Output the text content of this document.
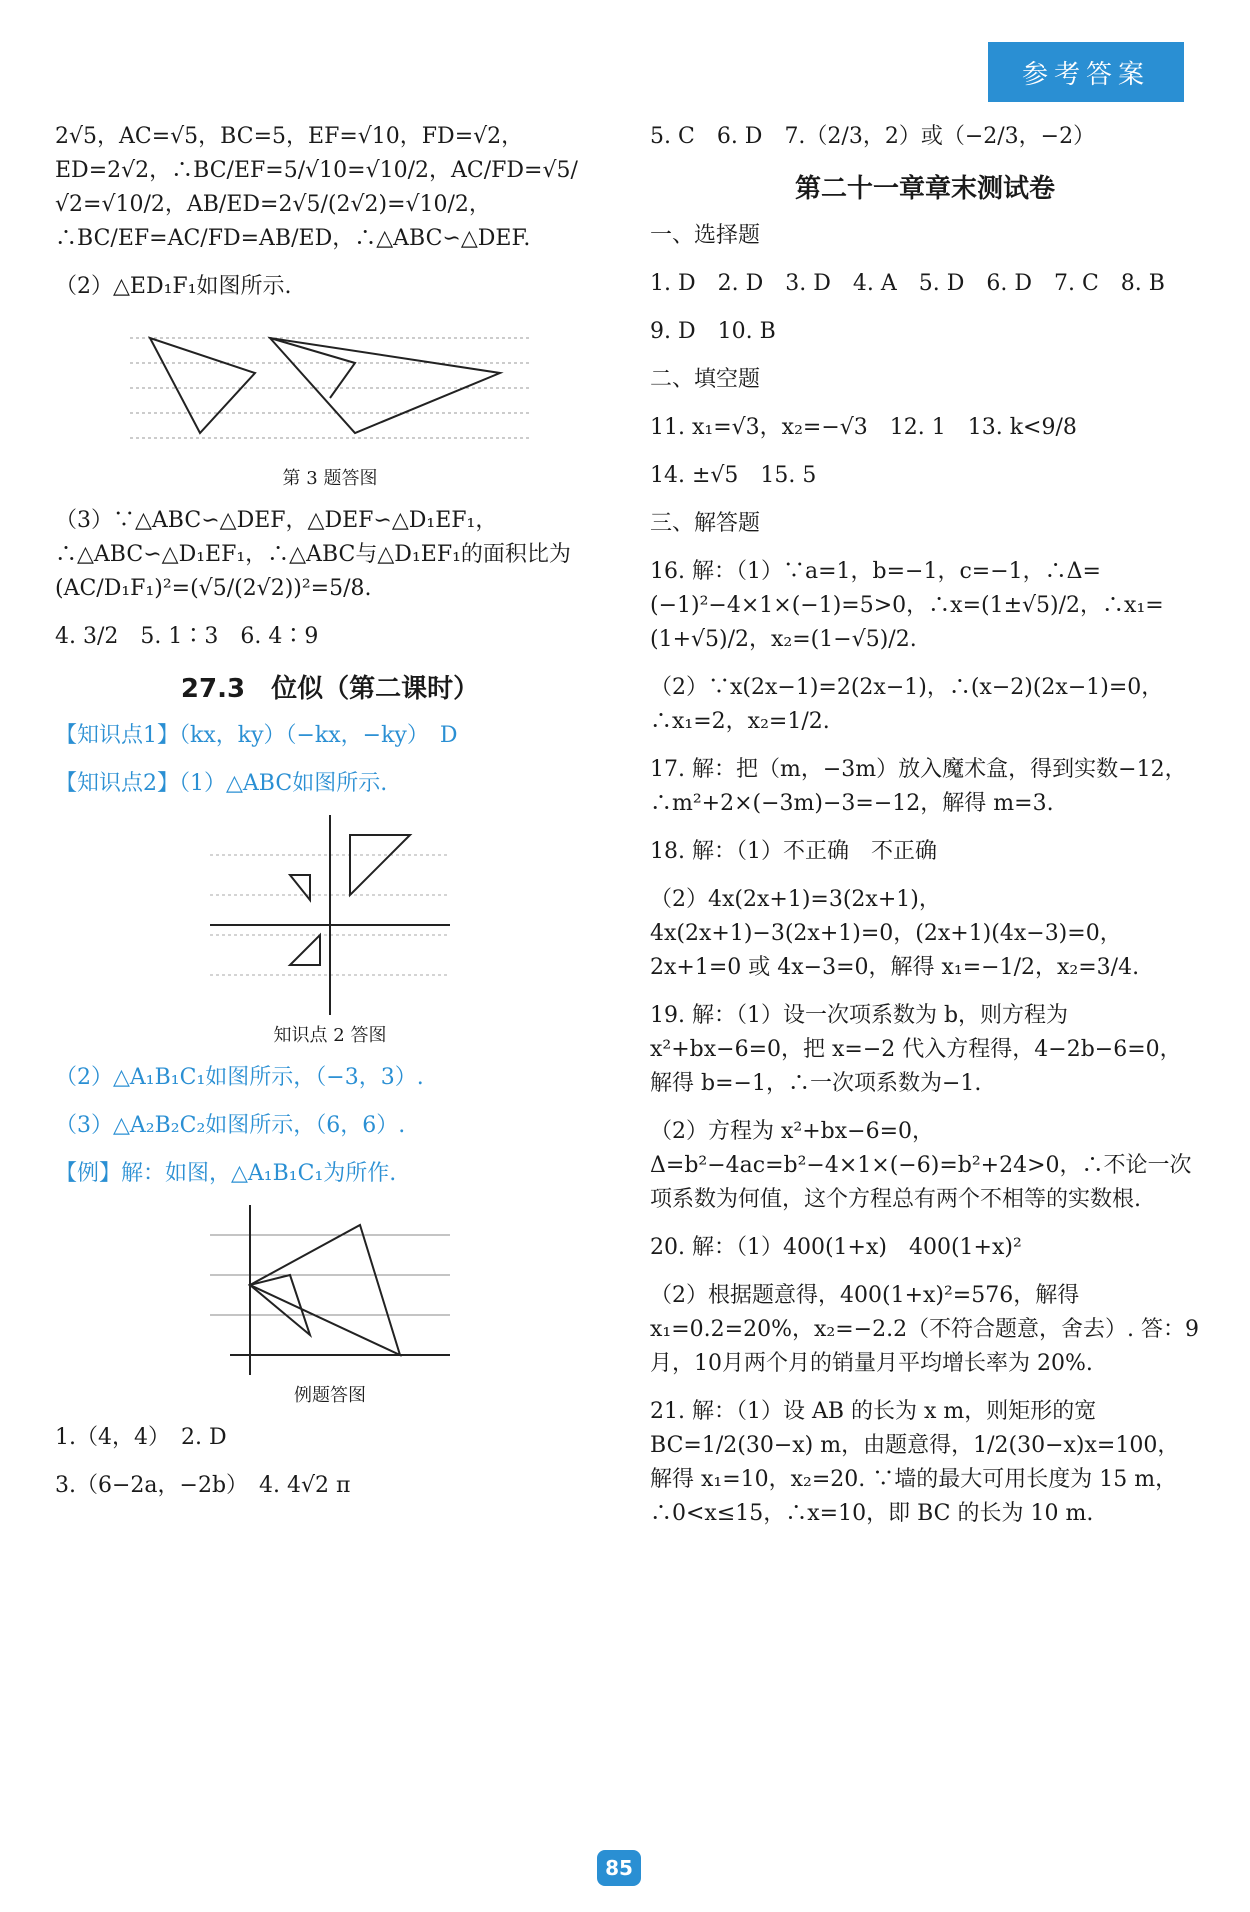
参考答案

2√5，AC=√5，BC=5，EF=√10，FD=√2，ED=2√2，∴BC/EF=5/√10=√10/2，AC/FD=√5/√2=√10/2，AB/ED=2√5/(2√2)=√10/2，∴BC/EF=AC/FD=AB/ED，∴△ABC∽△DEF.

（2）△ED₁F₁如图所示.

第 3 题答图

（3）∵△ABC∽△DEF，△DEF∽△D₁EF₁，∴△ABC∽△D₁EF₁，∴△ABC与△D₁EF₁的面积比为(AC/D₁F₁)²=(√5/(2√2))²=5/8.

4. 3/2　5. 1∶3　6. 4∶9

27.3　位似（第二课时）

【知识点1】（kx，ky）（−kx，−ky）　D

【知识点2】（1）△ABC如图所示.

知识点 2 答图

（2）△A₁B₁C₁如图所示，（−3，3）.

（3）△A₂B₂C₂如图所示，（6，6）.

【例】解：如图，△A₁B₁C₁为所作.

例题答图

1.（4，4）　2. D

3.（6−2a，−2b）　4. 4√2 π

5. C　6. D　7.（2/3，2）或（−2/3，−2）

第二十一章章末测试卷

一、选择题

1. D　2. D　3. D　4. A　5. D　6. D　7. C　8. B

9. D　10. B

二、填空题

11. x₁=√3，x₂=−√3　12. 1　13. k<9/8

14. ±√5　15. 5

三、解答题

16. 解：（1）∵a=1，b=−1，c=−1，∴Δ=(−1)²−4×1×(−1)=5>0，∴x=(1±√5)/2，∴x₁=(1+√5)/2，x₂=(1−√5)/2.

（2）∵x(2x−1)=2(2x−1)，∴(x−2)(2x−1)=0，∴x₁=2，x₂=1/2.

17. 解：把（m，−3m）放入魔术盒，得到实数−12，∴m²+2×(−3m)−3=−12，解得 m=3.

18. 解：（1）不正确　不正确

（2）4x(2x+1)=3(2x+1)，4x(2x+1)−3(2x+1)=0，(2x+1)(4x−3)=0，2x+1=0 或 4x−3=0，解得 x₁=−1/2，x₂=3/4.

19. 解：（1）设一次项系数为 b，则方程为 x²+bx−6=0，把 x=−2 代入方程得，4−2b−6=0，解得 b=−1，∴一次项系数为−1.

（2）方程为 x²+bx−6=0，Δ=b²−4ac=b²−4×1×(−6)=b²+24>0，∴不论一次项系数为何值，这个方程总有两个不相等的实数根.

20. 解：（1）400(1+x)　400(1+x)²

（2）根据题意得，400(1+x)²=576，解得 x₁=0.2=20%，x₂=−2.2（不符合题意，舍去）. 答：9月，10月两个月的销量月平均增长率为 20%.

21. 解：（1）设 AB 的长为 x m，则矩形的宽 BC=1/2(30−x) m，由题意得，1/2(30−x)x=100，解得 x₁=10，x₂=20. ∵墙的最大可用长度为 15 m，∴0<x≤15，∴x=10，即 BC 的长为 10 m.

85
